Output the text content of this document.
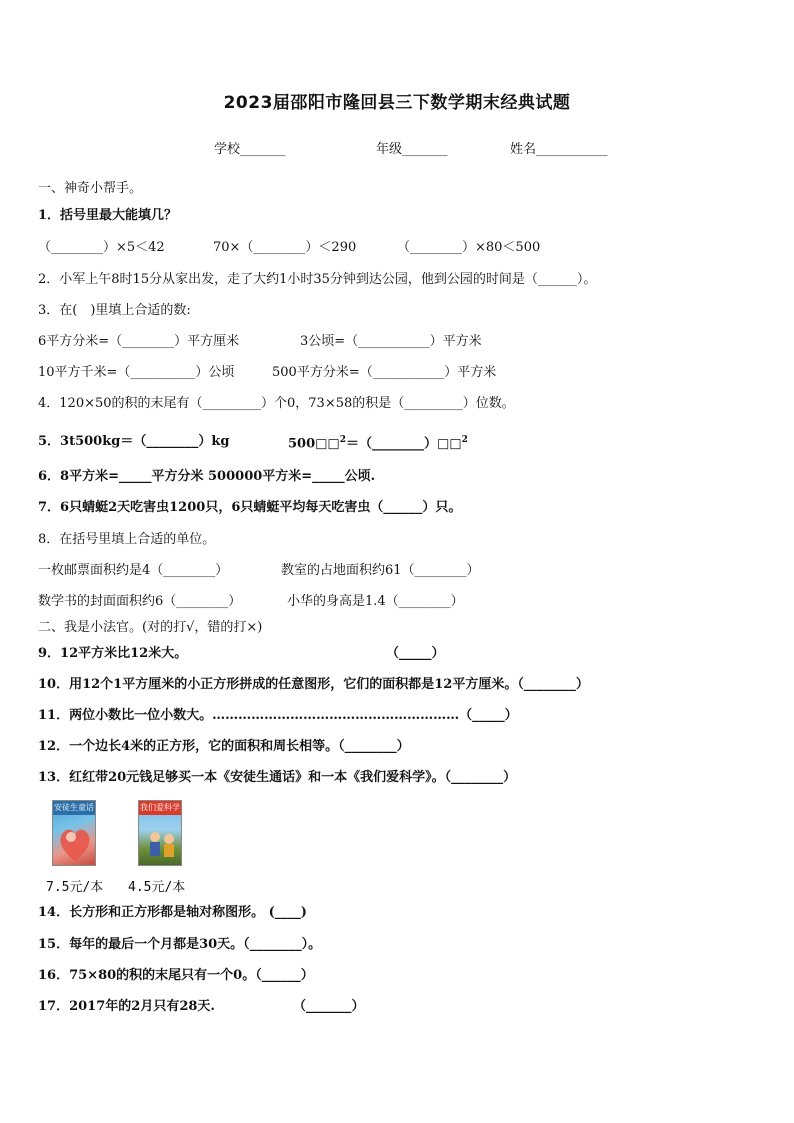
2023届邵阳市隆回县三下数学期末经典试题
学校_______	年级_______	姓名___________
一、神奇小帮手。
1．括号里最大能填几？
（________）×5＜42	70×（________）＜290	（________）×80＜500
2．小军上午8时15分从家出发，走了大约1小时35分钟到达公园，他到公园的时间是（______）。
3．在(　)里填上合适的数:
6平方分米=（________）平方厘米	3公顷=（___________）平方米
10平方千米=（__________）公顷	500平方分米=（___________）平方米
4．120×50的积的末尾有（_________）个0，73×58的积是（_________）位数。
5．3t500kg＝（________）kg	500□□$^2$＝（________）□□$^2$
6．8平方米=_____平方分米 500000平方米=_____公顷.
7．6只蜻蜓2天吃害虫1200只，6只蜻蜓平均每天吃害虫（______）只。
8．在括号里填上合适的单位。
一枚邮票面积约是4（________）	教室的占地面积约61（________）
数学书的封面面积约6（________）	小华的身高是1.4（________）
二、我是小法官。(对的打√，错的打×)
9．12平方米比12米大。	（_____）
10．用12个1平方厘米的小正方形拼成的任意图形，它们的面积都是12平方厘米。（________）
11．两位小数比一位小数大。…………………………………………………（_____）
12．一个边长4米的正方形，它的面积和周长相等。（________）
13．红红带20元钱足够买一本《安徒生通话》和一本《我们爱科学》。（________）
安徒生童话	我们爱科学
7.5元/本 4.5元/本
14．长方形和正方形都是轴对称图形。 (____)
15．每年的最后一个月都是30天。（________）。
16．75×80的积的末尾只有一个0。（______）
17．2017年的2月只有28天.	（_______）
